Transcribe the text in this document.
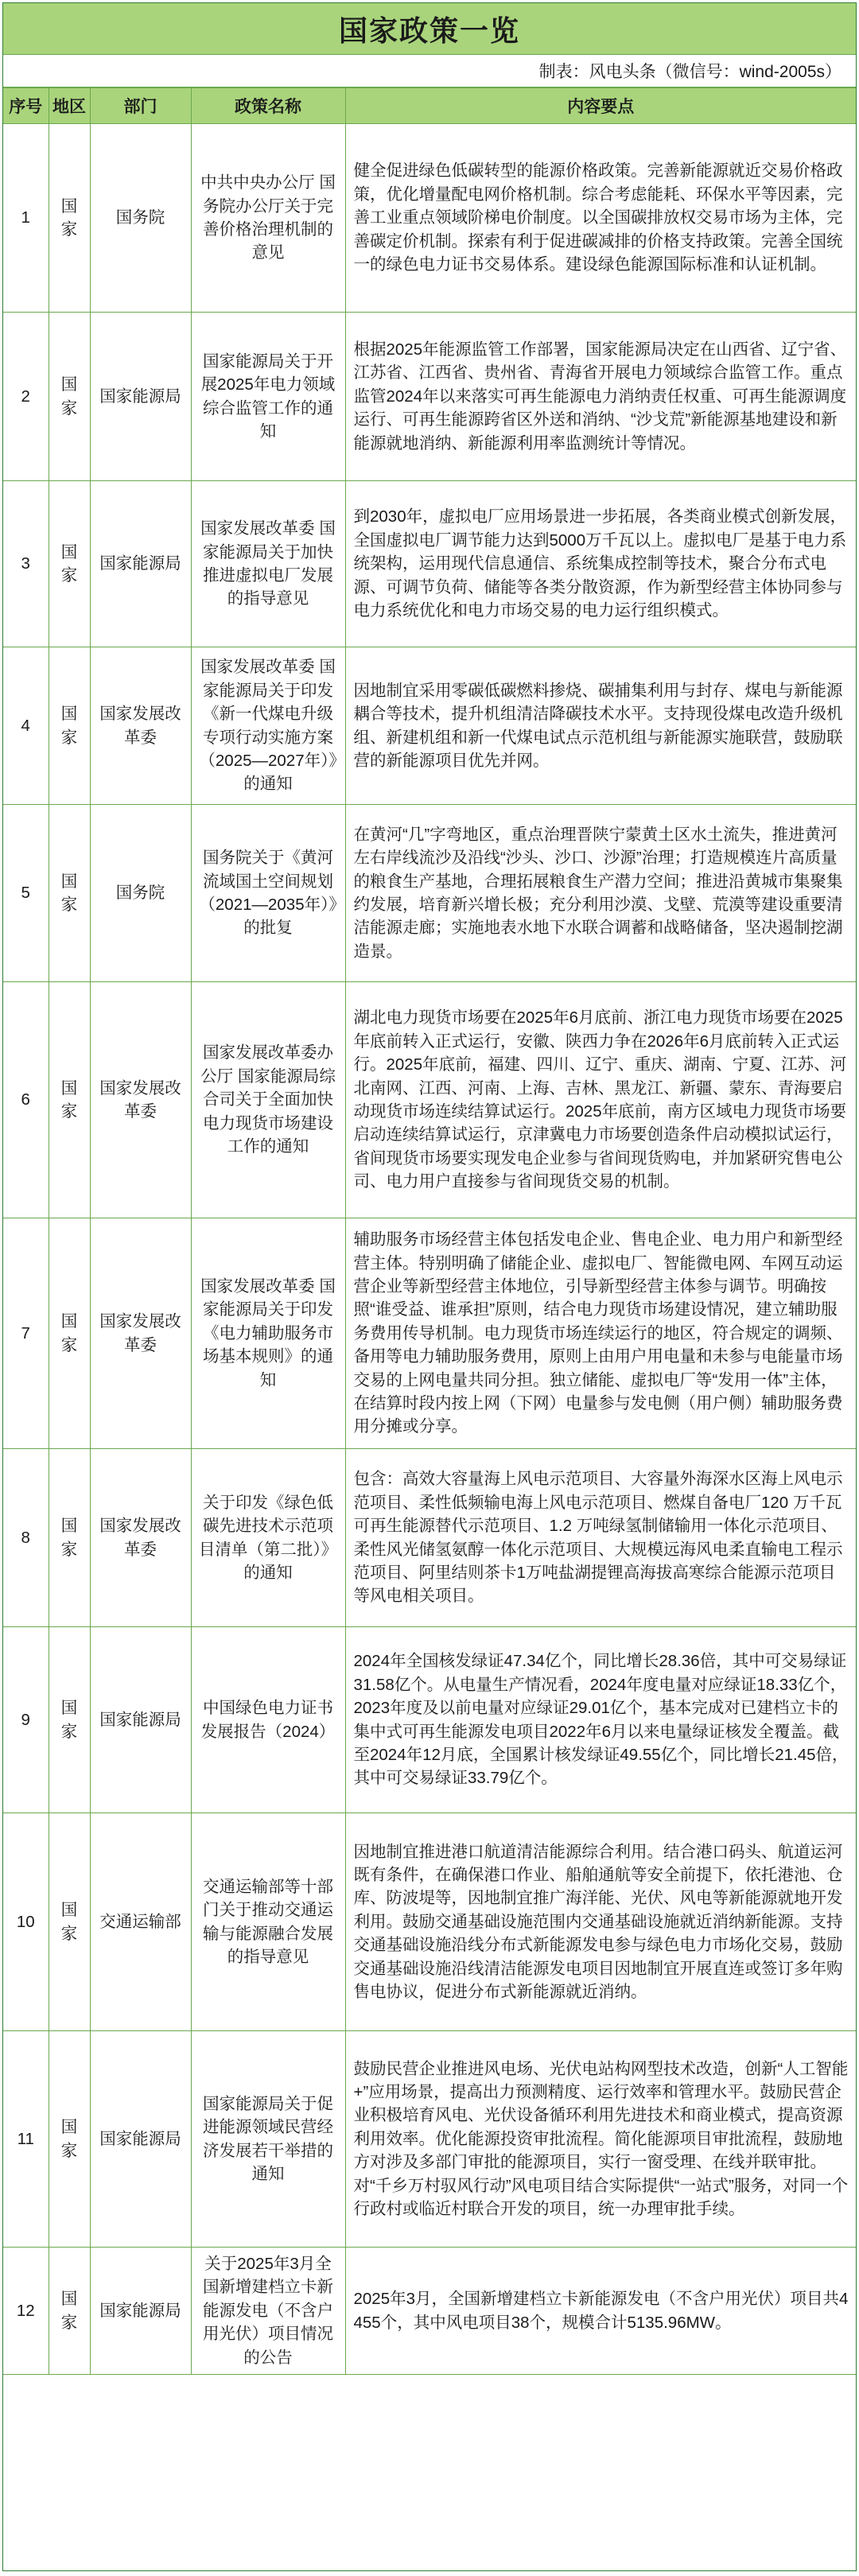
国家政策一览
制表：风电头条（微信号：wind-2005s）
序号	地区	部门	政策名称	内容要点
1	国家	国务院	中共中央办公厅 国务院办公厅关于完善价格治理机制的意见	健全促进绿色低碳转型的能源价格政策。完善新能源就近交易价格政策，优化增量配电网价格机制。综合考虑能耗、环保水平等因素，完善工业重点领域阶梯电价制度。以全国碳排放权交易市场为主体，完善碳定价机制。探索有利于促进碳减排的价格支持政策。完善全国统一的绿色电力证书交易体系。建设绿色能源国际标准和认证机制。
2	国家	国家能源局	国家能源局关于开展2025年电力领域综合监管工作的通知	根据2025年能源监管工作部署，国家能源局决定在山西省、辽宁省、江苏省、江西省、贵州省、青海省开展电力领域综合监管工作。重点监管2024年以来落实可再生能源电力消纳责任权重、可再生能源调度运行、可再生能源跨省区外送和消纳、“沙戈荒”新能源基地建设和新能源就地消纳、新能源利用率监测统计等情况。
3	国家	国家能源局	国家发展改革委 国家能源局关于加快推进虚拟电厂发展的指导意见	到2030年，虚拟电厂应用场景进一步拓展，各类商业模式创新发展，全国虚拟电厂调节能力达到5000万千瓦以上。虚拟电厂是基于电力系统架构，运用现代信息通信、系统集成控制等技术，聚合分布式电源、可调节负荷、储能等各类分散资源，作为新型经营主体协同参与电力系统优化和电力市场交易的电力运行组织模式。
4	国家	国家发展改革委	国家发展改革委 国家能源局关于印发《新一代煤电升级专项行动实施方案（2025—2027年）》的通知	因地制宜采用零碳低碳燃料掺烧、碳捕集利用与封存、煤电与新能源耦合等技术，提升机组清洁降碳技术水平。支持现役煤电改造升级机组、新建机组和新一代煤电试点示范机组与新能源实施联营，鼓励联营的新能源项目优先并网。
5	国家	国务院	国务院关于《黄河流域国土空间规划（2021—2035年）》的批复	在黄河“几”字弯地区，重点治理晋陕宁蒙黄土区水土流失，推进黄河左右岸线流沙及沿线“沙头、沙口、沙源”治理；打造规模连片高质量的粮食生产基地，合理拓展粮食生产潜力空间；推进沿黄城市集聚集约发展，培育新兴增长极；充分利用沙漠、戈壁、荒漠等建设重要清洁能源走廊；实施地表水地下水联合调蓄和战略储备，坚决遏制挖湖造景。
6	国家	国家发展改革委	国家发展改革委办公厅 国家能源局综合司关于全面加快电力现货市场建设工作的通知	湖北电力现货市场要在2025年6月底前、浙江电力现货市场要在2025年底前转入正式运行，安徽、陕西力争在2026年6月底前转入正式运行。2025年底前，福建、四川、辽宁、重庆、湖南、宁夏、江苏、河北南网、江西、河南、上海、吉林、黑龙江、新疆、蒙东、青海要启动现货市场连续结算试运行。2025年底前，南方区域电力现货市场要启动连续结算试运行，京津冀电力市场要创造条件启动模拟试运行，省间现货市场要实现发电企业参与省间现货购电，并加紧研究售电公司、电力用户直接参与省间现货交易的机制。
7	国家	国家发展改革委	国家发展改革委 国家能源局关于印发《电力辅助服务市场基本规则》的通知	辅助服务市场经营主体包括发电企业、售电企业、电力用户和新型经营主体。特别明确了储能企业、虚拟电厂、智能微电网、车网互动运营企业等新型经营主体地位，引导新型经营主体参与调节。明确按照“谁受益、谁承担”原则，结合电力现货市场建设情况，建立辅助服务费用传导机制。电力现货市场连续运行的地区，符合规定的调频、备用等电力辅助服务费用，原则上由用户用电量和未参与电能量市场交易的上网电量共同分担。独立储能、虚拟电厂等“发用一体”主体，在结算时段内按上网（下网）电量参与发电侧（用户侧）辅助服务费用分摊或分享。
8	国家	国家发展改革委	关于印发《绿色低碳先进技术示范项目清单（第二批）》的通知	包含：高效大容量海上风电示范项目、大容量外海深水区海上风电示范项目、柔性低频输电海上风电示范项目、燃煤自备电厂120 万千瓦可再生能源替代示范项目、1.2 万吨绿氢制储输用一体化示范项目、柔性风光储氢氨醇一体化示范项目、大规模远海风电柔直输电工程示范项目、阿里结则茶卡1万吨盐湖提锂高海拔高寒综合能源示范项目等风电相关项目。
9	国家	国家能源局	中国绿色电力证书发展报告（2024）	2024年全国核发绿证47.34亿个，同比增长28.36倍，其中可交易绿证31.58亿个。从电量生产情况看，2024年度电量对应绿证18.33亿个，2023年度及以前电量对应绿证29.01亿个，基本完成对已建档立卡的集中式可再生能源发电项目2022年6月以来电量绿证核发全覆盖。截至2024年12月底，全国累计核发绿证49.55亿个，同比增长21.45倍，其中可交易绿证33.79亿个。
10	国家	交通运输部	交通运输部等十部门关于推动交通运输与能源融合发展的指导意见	因地制宜推进港口航道清洁能源综合利用。结合港口码头、航道运河既有条件，在确保港口作业、船舶通航等安全前提下，依托港池、仓库、防波堤等，因地制宜推广海洋能、光伏、风电等新能源就地开发利用。鼓励交通基础设施范围内交通基础设施就近消纳新能源。支持交通基础设施沿线分布式新能源发电参与绿色电力市场化交易，鼓励交通基础设施沿线清洁能源发电项目因地制宜开展直连或签订多年购售电协议，促进分布式新能源就近消纳。
11	国家	国家能源局	国家能源局关于促进能源领域民营经济发展若干举措的通知	鼓励民营企业推进风电场、光伏电站构网型技术改造，创新“人工智能+”应用场景，提高出力预测精度、运行效率和管理水平。鼓励民营企业积极培育风电、光伏设备循环利用先进技术和商业模式，提高资源利用效率。优化能源投资审批流程。简化能源项目审批流程，鼓励地方对涉及多部门审批的能源项目，实行一窗受理、在线并联审批。对“千乡万村驭风行动”风电项目结合实际提供“一站式”服务，对同一个行政村或临近村联合开发的项目，统一办理审批手续。
12	国家	国家能源局	关于2025年3月全国新增建档立卡新能源发电（不含户用光伏）项目情况的公告	2025年3月，全国新增建档立卡新能源发电（不含户用光伏）项目共4455个，其中风电项目38个，规模合计5135.96MW。
